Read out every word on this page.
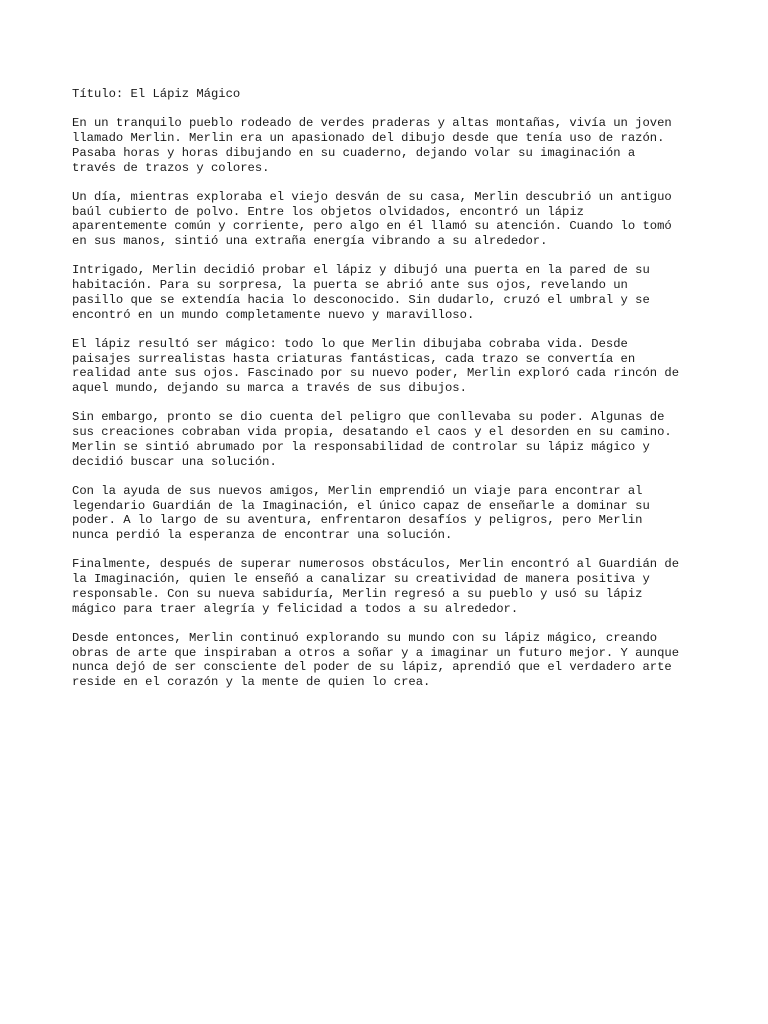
Título: El Lápiz Mágico

En un tranquilo pueblo rodeado de verdes praderas y altas montañas, vivía un joven
llamado Merlin. Merlin era un apasionado del dibujo desde que tenía uso de razón.
Pasaba horas y horas dibujando en su cuaderno, dejando volar su imaginación a
través de trazos y colores.

Un día, mientras exploraba el viejo desván de su casa, Merlin descubrió un antiguo
baúl cubierto de polvo. Entre los objetos olvidados, encontró un lápiz
aparentemente común y corriente, pero algo en él llamó su atención. Cuando lo tomó
en sus manos, sintió una extraña energía vibrando a su alrededor.

Intrigado, Merlin decidió probar el lápiz y dibujó una puerta en la pared de su
habitación. Para su sorpresa, la puerta se abrió ante sus ojos, revelando un
pasillo que se extendía hacia lo desconocido. Sin dudarlo, cruzó el umbral y se
encontró en un mundo completamente nuevo y maravilloso.

El lápiz resultó ser mágico: todo lo que Merlin dibujaba cobraba vida. Desde
paisajes surrealistas hasta criaturas fantásticas, cada trazo se convertía en
realidad ante sus ojos. Fascinado por su nuevo poder, Merlin exploró cada rincón de
aquel mundo, dejando su marca a través de sus dibujos.

Sin embargo, pronto se dio cuenta del peligro que conllevaba su poder. Algunas de
sus creaciones cobraban vida propia, desatando el caos y el desorden en su camino.
Merlin se sintió abrumado por la responsabilidad de controlar su lápiz mágico y
decidió buscar una solución.

Con la ayuda de sus nuevos amigos, Merlin emprendió un viaje para encontrar al
legendario Guardián de la Imaginación, el único capaz de enseñarle a dominar su
poder. A lo largo de su aventura, enfrentaron desafíos y peligros, pero Merlin
nunca perdió la esperanza de encontrar una solución.

Finalmente, después de superar numerosos obstáculos, Merlin encontró al Guardián de
la Imaginación, quien le enseñó a canalizar su creatividad de manera positiva y
responsable. Con su nueva sabiduría, Merlin regresó a su pueblo y usó su lápiz
mágico para traer alegría y felicidad a todos a su alrededor.

Desde entonces, Merlin continuó explorando su mundo con su lápiz mágico, creando
obras de arte que inspiraban a otros a soñar y a imaginar un futuro mejor. Y aunque
nunca dejó de ser consciente del poder de su lápiz, aprendió que el verdadero arte
reside en el corazón y la mente de quien lo crea.
